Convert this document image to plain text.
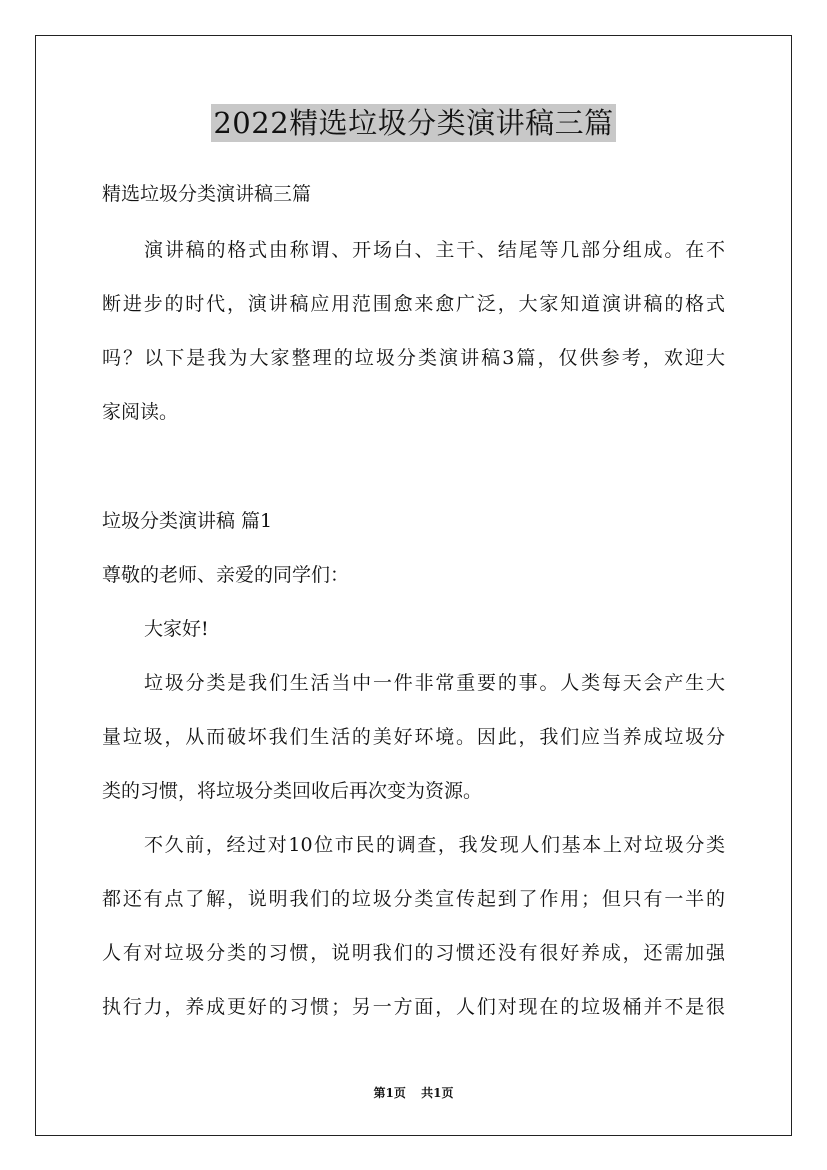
2022精选垃圾分类演讲稿三篇
精选垃圾分类演讲稿三篇
演讲稿的格式由称谓、开场白、主干、结尾等几部分组成。在不
断进步的时代，演讲稿应用范围愈来愈广泛，大家知道演讲稿的格式
吗？以下是我为大家整理的垃圾分类演讲稿3篇，仅供参考，欢迎大
家阅读。
垃圾分类演讲稿 篇1
尊敬的老师、亲爱的同学们：
大家好!
垃圾分类是我们生活当中一件非常重要的事。人类每天会产生大
量垃圾，从而破坏我们生活的美好环境。因此，我们应当养成垃圾分
类的习惯，将垃圾分类回收后再次变为资源。
不久前，经过对10位市民的调查，我发现人们基本上对垃圾分类
都还有点了解，说明我们的垃圾分类宣传起到了作用；但只有一半的
人有对垃圾分类的习惯，说明我们的习惯还没有很好养成，还需加强
执行力，养成更好的习惯；另一方面，人们对现在的垃圾桶并不是很
第1页 共1页
